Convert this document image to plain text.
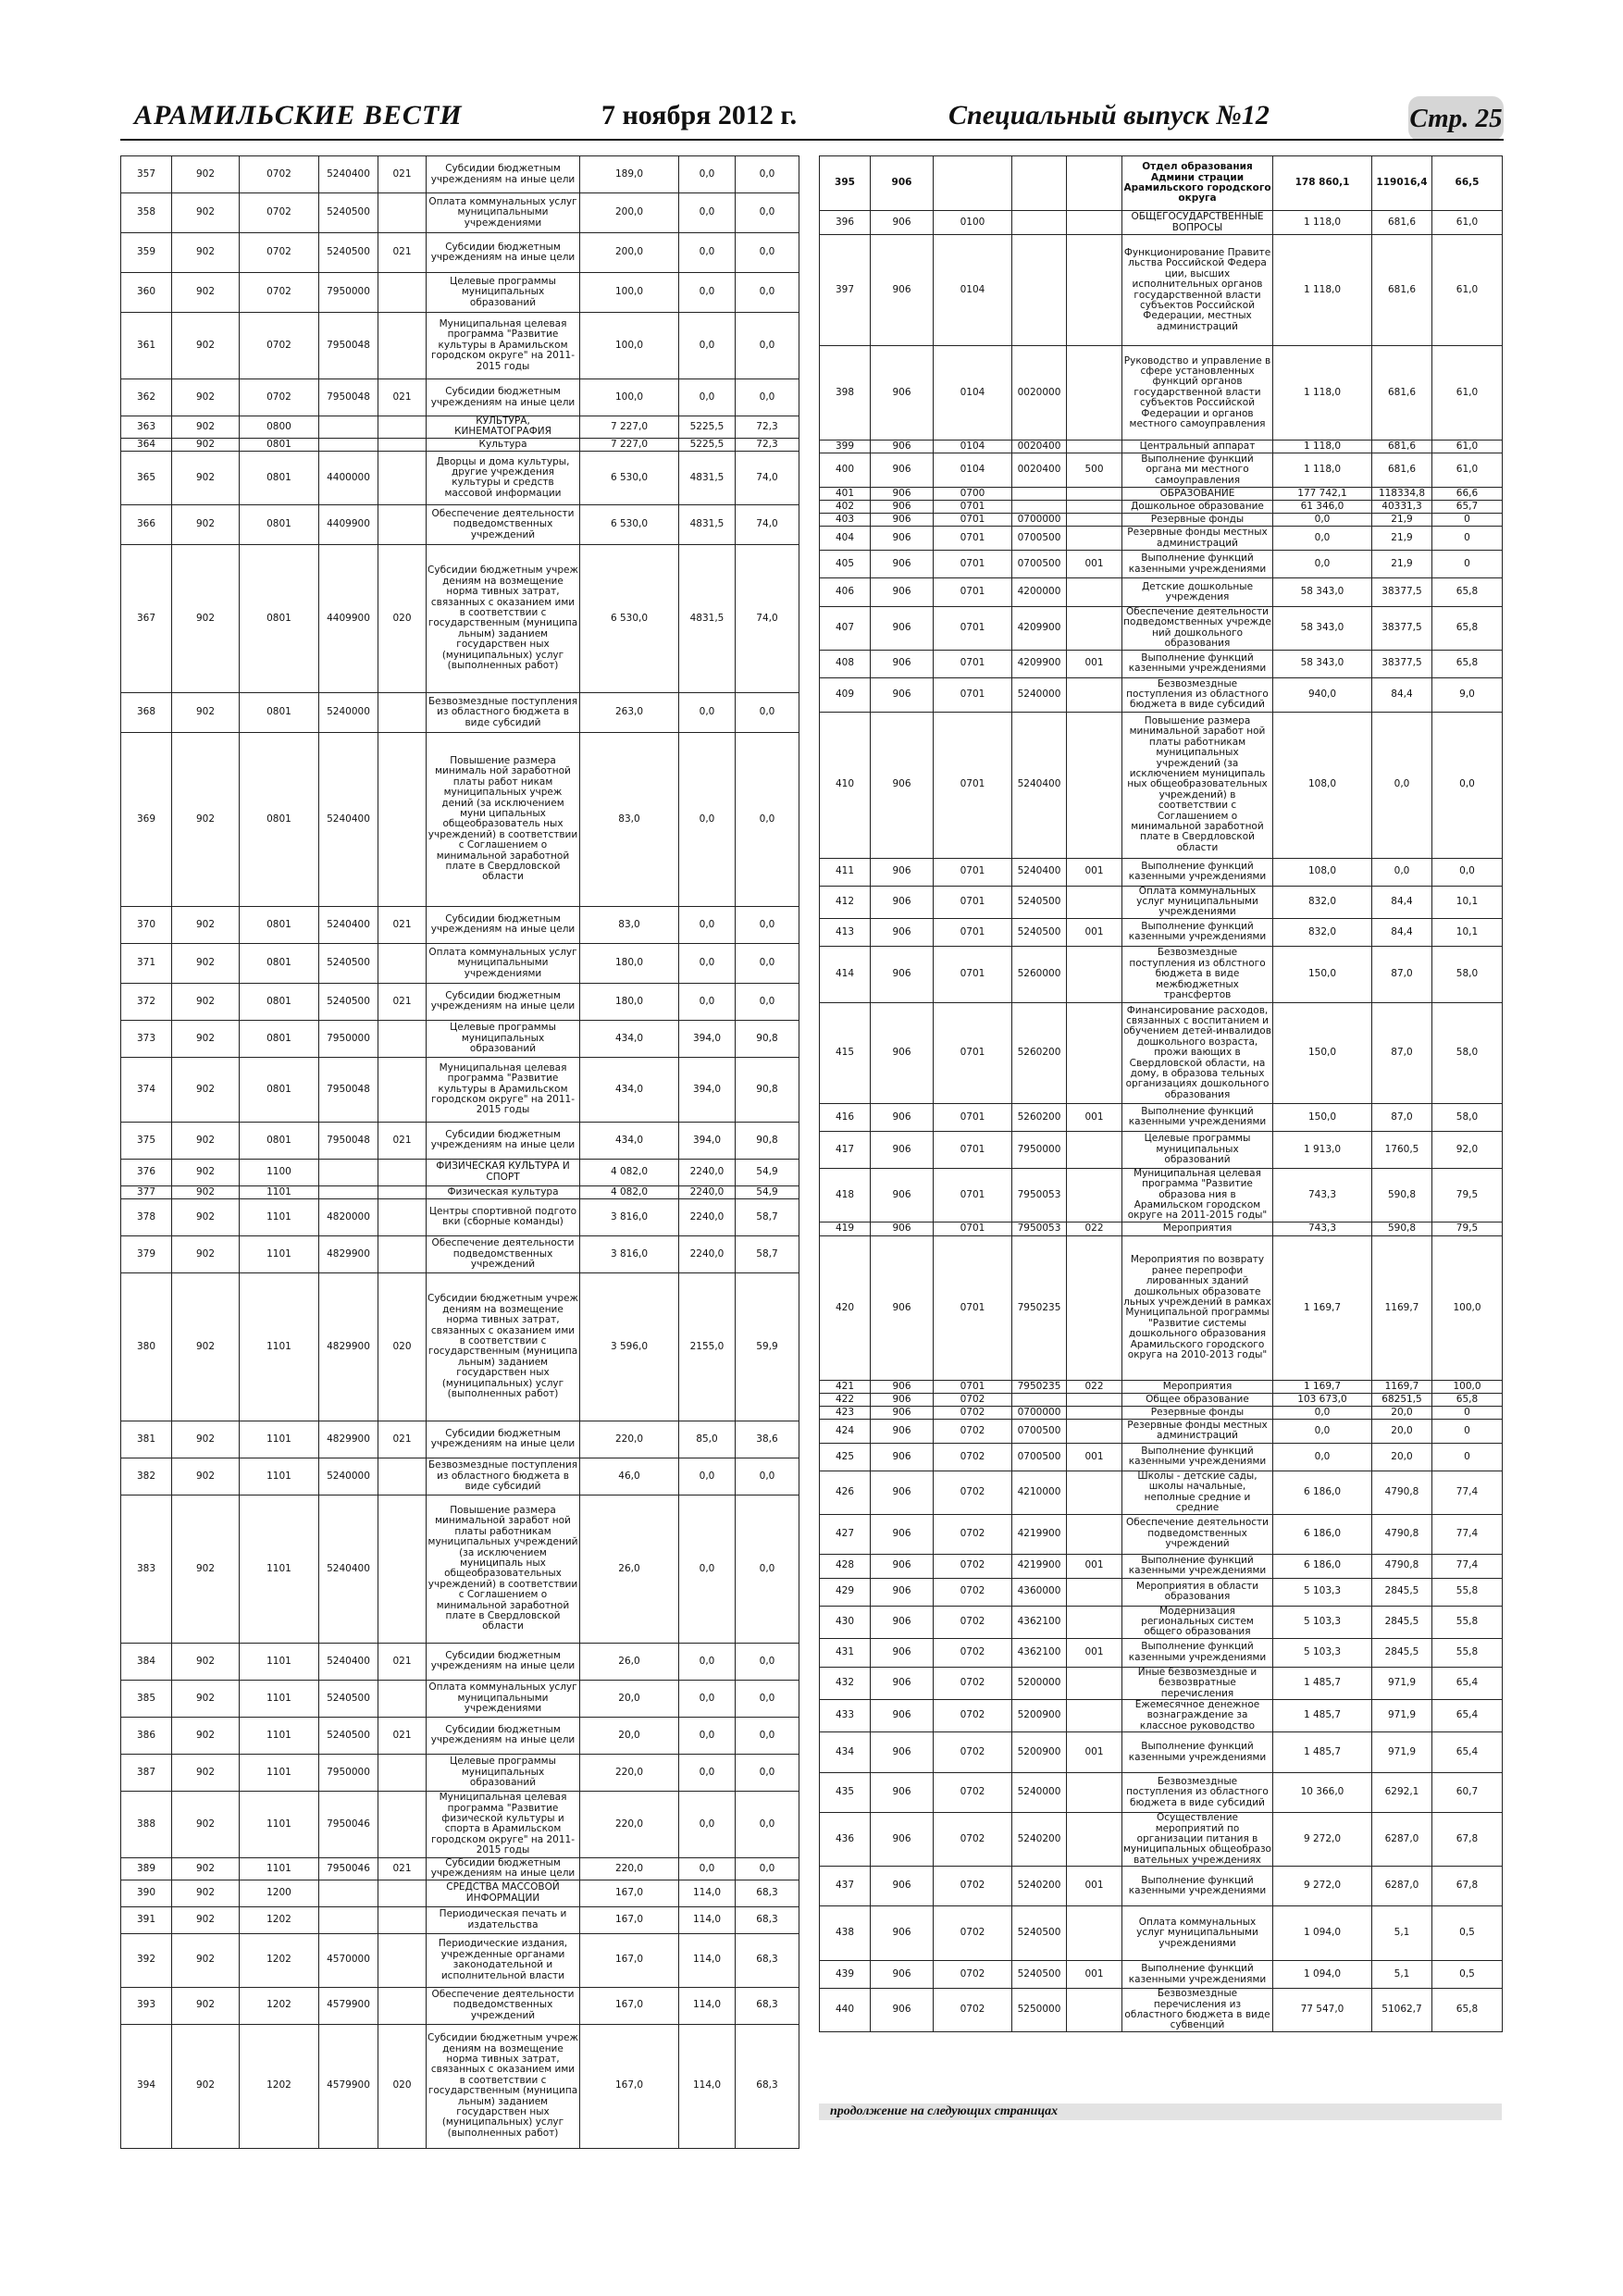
АРАМИЛЬСКИЕ ВЕСТИ	7 ноября 2012 г.	Специальный выпуск №12	Стр. 25
357	902	0702	5240400	021	Субсидии бюджетным учреждениям на иные цели	189,0	0,0	0,0
358	902	0702	5240500		Оплата коммунальных услуг муниципальными учреждениями	200,0	0,0	0,0
359	902	0702	5240500	021	Субсидии бюджетным учреждениям на иные цели	200,0	0,0	0,0
360	902	0702	7950000		Целевые программы муниципальных образований	100,0	0,0	0,0
361	902	0702	7950048		Муниципальная целевая программа "Развитие культуры в Арамильском городском округе" на 2011-2015 годы	100,0	0,0	0,0
362	902	0702	7950048	021	Субсидии бюджетным учреждениям на иные цели	100,0	0,0	0,0
363	902	0800			КУЛЬТУРА, КИНЕМАТОГРАФИЯ	7 227,0	5225,5	72,3
364	902	0801			Культура	7 227,0	5225,5	72,3
365	902	0801	4400000		Дворцы и дома культуры, другие учреждения культуры и средств массовой информации	6 530,0	4831,5	74,0
366	902	0801	4409900		Обеспечение деятельности подведомственных учреждений	6 530,0	4831,5	74,0
367	902	0801	4409900	020	Субсидии бюджетным учреж дениям на возмещение норма тивных затрат, связанных с оказанием ими в соответствии с государственным (муниципа льным) заданием государствен ных (муниципальных) услуг (выполненных работ)	6 530,0	4831,5	74,0
368	902	0801	5240000		Безвозмездные поступления из областного бюджета в виде субсидий	263,0	0,0	0,0
369	902	0801	5240400		Повышение размера минималь ной заработной платы работ никам муниципальных учреж дений (за исключением муни ципальных общеобразователь ных учреждений) в соответствии с Соглашением о минимальной заработной плате в Свердловской области	83,0	0,0	0,0
370	902	0801	5240400	021	Субсидии бюджетным учреждениям на иные цели	83,0	0,0	0,0
371	902	0801	5240500		Оплата коммунальных услуг муниципальными учреждениями	180,0	0,0	0,0
372	902	0801	5240500	021	Субсидии бюджетным учреждениям на иные цели	180,0	0,0	0,0
373	902	0801	7950000		Целевые программы муниципальных образований	434,0	394,0	90,8
374	902	0801	7950048		Муниципальная целевая программа "Развитие культуры в Арамильском городском округе" на 2011-2015 годы	434,0	394,0	90,8
375	902	0801	7950048	021	Субсидии бюджетным учреждениям на иные цели	434,0	394,0	90,8
376	902	1100			ФИЗИЧЕСКАЯ КУЛЬТУРА И СПОРТ	4 082,0	2240,0	54,9
377	902	1101			Физическая культура	4 082,0	2240,0	54,9
378	902	1101	4820000		Центры спортивной подгото вки (сборные команды)	3 816,0	2240,0	58,7
379	902	1101	4829900		Обеспечение деятельности подведомственных учреждений	3 816,0	2240,0	58,7
380	902	1101	4829900	020	Субсидии бюджетным учреж дениям на возмещение норма тивных затрат, связанных с оказанием ими в соответствии с государственным (муниципа льным) заданием государствен ных (муниципальных) услуг (выполненных работ)	3 596,0	2155,0	59,9
381	902	1101	4829900	021	Субсидии бюджетным учреждениям на иные цели	220,0	85,0	38,6
382	902	1101	5240000		Безвозмездные поступления из областного бюджета в виде субсидий	46,0	0,0	0,0
383	902	1101	5240400		Повышение размера минимальной заработ ной платы работникам муниципальных учреждений (за исключением муниципаль ных общеобразовательных учреждений) в соответствии с Соглашением о минимальной заработной плате в Свердловской области	26,0	0,0	0,0
384	902	1101	5240400	021	Субсидии бюджетным учреждениям на иные цели	26,0	0,0	0,0
385	902	1101	5240500		Оплата коммунальных услуг муниципальными учреждениями	20,0	0,0	0,0
386	902	1101	5240500	021	Субсидии бюджетным учреждениям на иные цели	20,0	0,0	0,0
387	902	1101	7950000		Целевые программы муниципальных образований	220,0	0,0	0,0
388	902	1101	7950046		Муниципальная целевая программа "Развитие физической культуры и спорта в Арамильском городском округе" на 2011-2015 годы	220,0	0,0	0,0
389	902	1101	7950046	021	Субсидии бюджетным учреждениям на иные цели	220,0	0,0	0,0
390	902	1200			СРЕДСТВА МАССОВОЙ ИНФОРМАЦИИ	167,0	114,0	68,3
391	902	1202			Периодическая печать и издательства	167,0	114,0	68,3
392	902	1202	4570000		Периодические издания, учрежденные органами законодательной и исполнительной власти	167,0	114,0	68,3
393	902	1202	4579900		Обеспечение деятельности подведомственных учреждений	167,0	114,0	68,3
394	902	1202	4579900	020	Субсидии бюджетным учреж дениям на возмещение норма тивных затрат, связанных с оказанием ими в соответствии с государственным (муниципа льным) заданием государствен ных (муниципальных) услуг (выполненных работ)	167,0	114,0	68,3
395	906				Отдел образования Админи страции Арамильского городского округа	178 860,1	119016,4	66,5
396	906	0100			ОБЩЕГОСУДАРСТВЕННЫЕ ВОПРОСЫ	1 118,0	681,6	61,0
397	906	0104			Функционирование Правите льства Российской Федера ции, высших исполнительных органов государственной власти субъектов Российской Федерации, местных администраций	1 118,0	681,6	61,0
398	906	0104	0020000		Руководство и управление в сфере установленных функций органов государственной власти субъектов Российской Федерации и органов местного самоуправления	1 118,0	681,6	61,0
399	906	0104	0020400		Центральный аппарат	1 118,0	681,6	61,0
400	906	0104	0020400	500	Выполнение функций органа ми местного самоуправления	1 118,0	681,6	61,0
401	906	0700			ОБРАЗОВАНИЕ	177 742,1	118334,8	66,6
402	906	0701			Дошкольное образование	61 346,0	40331,3	65,7
403	906	0701	0700000		Резервные фонды	0,0	21,9	0
404	906	0701	0700500		Резервные фонды местных администраций	0,0	21,9	0
405	906	0701	0700500	001	Выполнение функций казенными учреждениями	0,0	21,9	0
406	906	0701	4200000		Детские дошкольные учреждения	58 343,0	38377,5	65,8
407	906	0701	4209900		Обеспечение деятельности подведомственных учрежде ний дошкольного образования	58 343,0	38377,5	65,8
408	906	0701	4209900	001	Выполнение функций казенными учреждениями	58 343,0	38377,5	65,8
409	906	0701	5240000		Безвозмездные поступления из областного бюджета в виде субсидий	940,0	84,4	9,0
410	906	0701	5240400		Повышение размера минимальной заработ ной платы работникам муниципальных учреждений (за исключением муниципаль ных общеобразовательных учреждений) в соответствии с Соглашением о минимальной заработной плате в Свердловской области	108,0	0,0	0,0
411	906	0701	5240400	001	Выполнение функций казенными учреждениями	108,0	0,0	0,0
412	906	0701	5240500		Оплата коммунальных услуг муниципальными учреждениями	832,0	84,4	10,1
413	906	0701	5240500	001	Выполнение функций казенными учреждениями	832,0	84,4	10,1
414	906	0701	5260000		Безвозмездные поступления из облстного бюджета в виде межбюджетных трансфертов	150,0	87,0	58,0
415	906	0701	5260200		Финансирование расходов, связанных с воспитанием и обучением детей-инвалидов дошкольного возраста, прожи вающих в Свердловской области, на дому, в образова тельных организациях дошкольного образования	150,0	87,0	58,0
416	906	0701	5260200	001	Выполнение функций казенными учреждениями	150,0	87,0	58,0
417	906	0701	7950000		Целевые программы муниципальных образований	1 913,0	1760,5	92,0
418	906	0701	7950053		Муниципальная целевая программа "Развитие образова ния в Арамильском городском округе на 2011-2015 годы"	743,3	590,8	79,5
419	906	0701	7950053	022	Мероприятия	743,3	590,8	79,5
420	906	0701	7950235		Мероприятия по возврату ранее перепрофи лированных зданий дошкольных образовате льных учреждений в рамках Муниципальной программы "Развитие системы дошкольного образования Арамильского городского округа на 2010-2013 годы"	1 169,7	1169,7	100,0
421	906	0701	7950235	022	Мероприятия	1 169,7	1169,7	100,0
422	906	0702			Общее образование	103 673,0	68251,5	65,8
423	906	0702	0700000		Резервные фонды	0,0	20,0	0
424	906	0702	0700500		Резервные фонды местных администраций	0,0	20,0	0
425	906	0702	0700500	001	Выполнение функций казенными учреждениями	0,0	20,0	0
426	906	0702	4210000		Школы - детские сады, школы начальные, неполные средние и средние	6 186,0	4790,8	77,4
427	906	0702	4219900		Обеспечение деятельности подведомственных учреждений	6 186,0	4790,8	77,4
428	906	0702	4219900	001	Выполнение функций казенными учреждениями	6 186,0	4790,8	77,4
429	906	0702	4360000		Мероприятия в области образования	5 103,3	2845,5	55,8
430	906	0702	4362100		Модернизация региональных систем общего образования	5 103,3	2845,5	55,8
431	906	0702	4362100	001	Выполнение функций казенными учреждениями	5 103,3	2845,5	55,8
432	906	0702	5200000		Иные безвозмездные и безвозвратные перечисления	1 485,7	971,9	65,4
433	906	0702	5200900		Ежемесячное денежное вознаграждение за классное руководство	1 485,7	971,9	65,4
434	906	0702	5200900	001	Выполнение функций казенными учреждениями	1 485,7	971,9	65,4
435	906	0702	5240000		Безвозмездные поступления из областного бюджета в виде субсидий	10 366,0	6292,1	60,7
436	906	0702	5240200		Осуществление мероприятий по организации питания в муниципальных общеобразо вательных учреждениях	9 272,0	6287,0	67,8
437	906	0702	5240200	001	Выполнение функций казенными учреждениями	9 272,0	6287,0	67,8
438	906	0702	5240500		Оплата коммунальных услуг муниципальными учреждениями	1 094,0	5,1	0,5
439	906	0702	5240500	001	Выполнение функций казенными учреждениями	1 094,0	5,1	0,5
440	906	0702	5250000		Безвозмездные перечисления из областного бюджета в виде субвенций	77 547,0	51062,7	65,8
продолжение на следующих страницах
